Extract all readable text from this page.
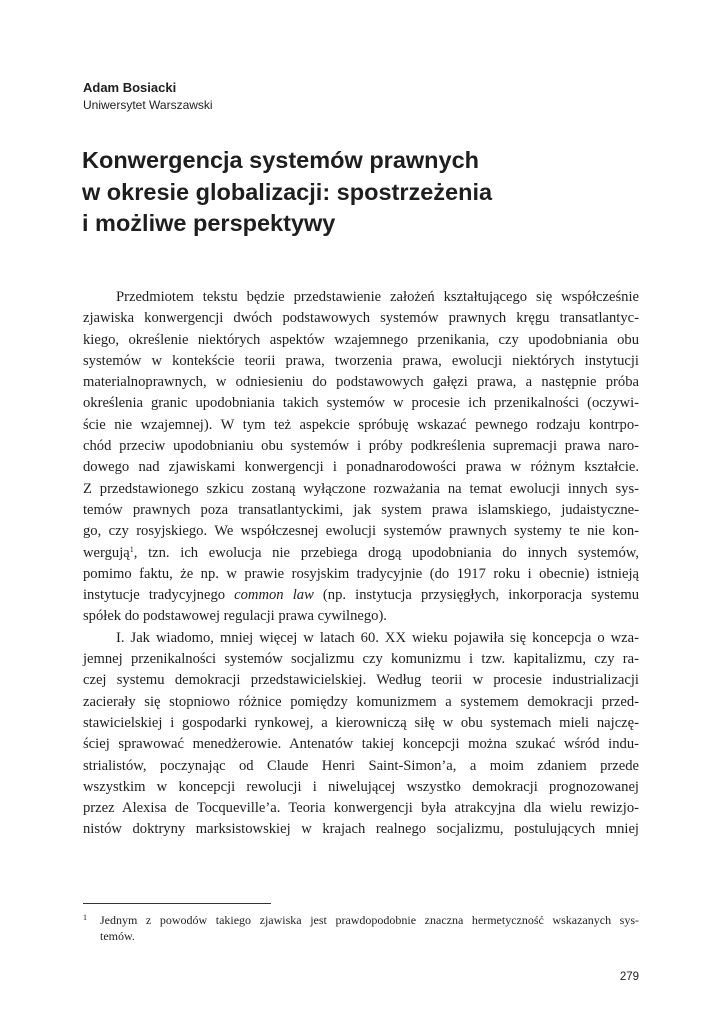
Adam Bosiacki
Uniwersytet Warszawski
Konwergencja systemów prawnych
w okresie globalizacji: spostrzeżenia
i możliwe perspektywy
Przedmiotem tekstu będzie przedstawienie założeń kształtującego się współcześnie
zjawiska konwergencji dwóch podstawowych systemów prawnych kręgu transatlantyc-
kiego, określenie niektórych aspektów wzajemnego przenikania, czy upodobniania obu
systemów w kontekście teorii prawa, tworzenia prawa, ewolucji niektórych instytucji
materialnoprawnych, w odniesieniu do podstawowych gałęzi prawa, a następnie próba
określenia granic upodobniania takich systemów w procesie ich przenikalności (oczywi-
ście nie wzajemnej). W tym też aspekcie spróbuję wskazać pewnego rodzaju kontrpo-
chód przeciw upodobnianiu obu systemów i próby podkreślenia supremacji prawa naro-
dowego nad zjawiskami konwergencji i ponadnarodowości prawa w różnym kształcie.
Z przedstawionego szkicu zostaną wyłączone rozważania na temat ewolucji innych sys-
temów prawnych poza transatlantyckimi, jak system prawa islamskiego, judaistyczne-
go, czy rosyjskiego. We współczesnej ewolucji systemów prawnych systemy te nie kon-
wergują$^1$, tzn. ich ewolucja nie przebiega drogą upodobniania do innych systemów,
pomimo faktu, że np. w prawie rosyjskim tradycyjnie (do 1917 roku i obecnie) istnieją
instytucje tradycyjnego common law (np. instytucja przysięgłych, inkorporacja systemu
spółek do podstawowej regulacji prawa cywilnego).
I. Jak wiadomo, mniej więcej w latach 60. XX wieku pojawiła się koncepcja o wza-
jemnej przenikalności systemów socjalizmu czy komunizmu i tzw. kapitalizmu, czy ra-
czej systemu demokracji przedstawicielskiej. Według teorii w procesie industrializacji
zacierały się stopniowo różnice pomiędzy komunizmem a systemem demokracji przed-
stawicielskiej i gospodarki rynkowej, a kierowniczą siłę w obu systemach mieli najczę-
ściej sprawować menedżerowie. Antenatów takiej koncepcji można szukać wśród indu-
strialistów, poczynając od Claude Henri Saint-Simon’a, a moim zdaniem przede
wszystkim w koncepcji rewolucji i niwelującej wszystko demokracji prognozowanej
przez Alexisa de Tocqueville’a. Teoria konwergencji była atrakcyjna dla wielu rewizjo-
nistów doktryny marksistowskiej w krajach realnego socjalizmu, postulujących mniej
1 Jednym z powodów takiego zjawiska jest prawdopodobnie znaczna hermetyczność wskazanych sys-
temów.
279
